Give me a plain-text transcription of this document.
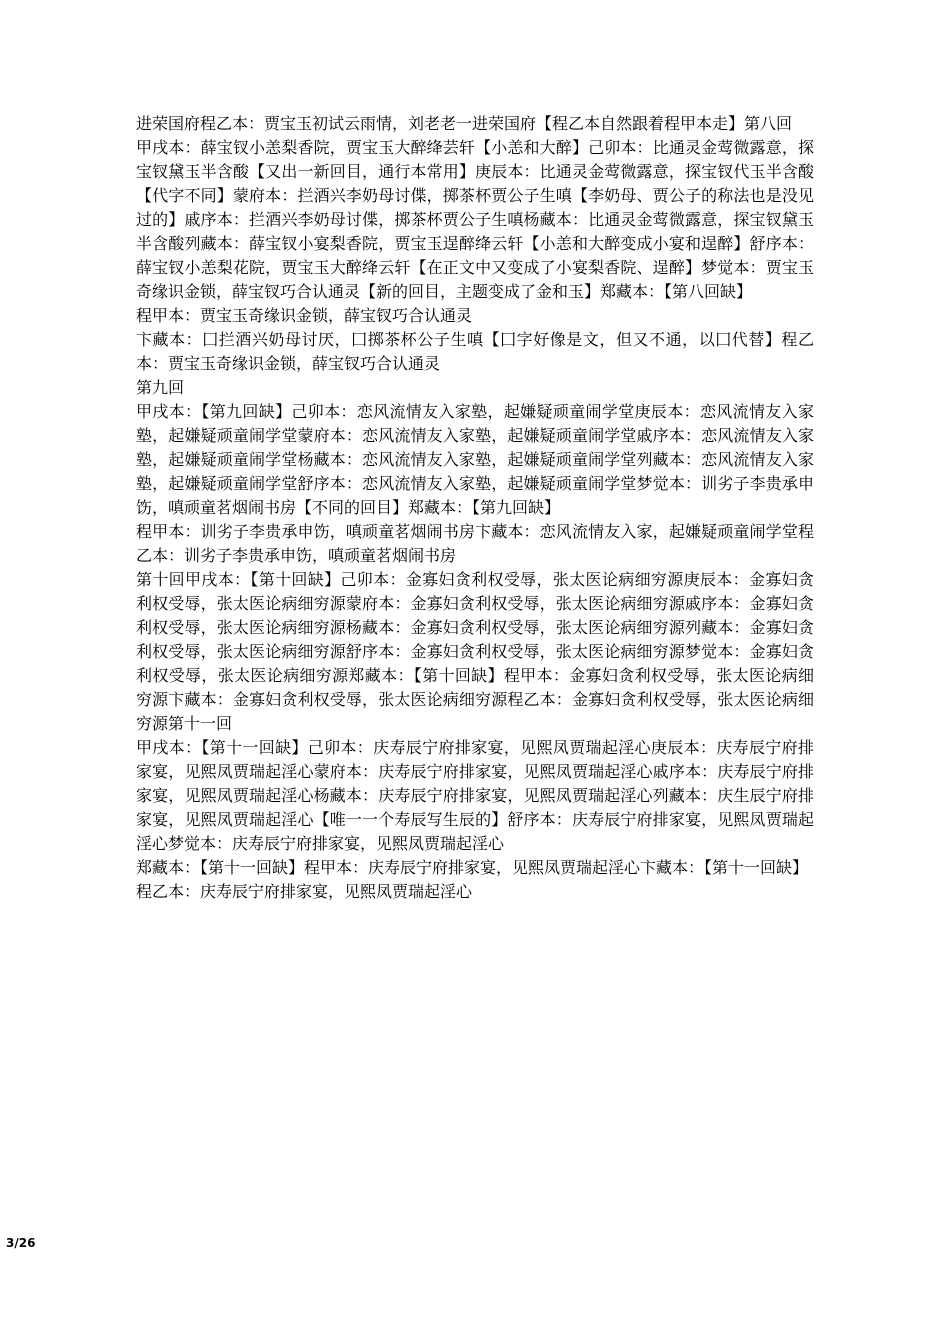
进荣国府程乙本：贾宝玉初试云雨情，刘老老一进荣国府【程乙本自然跟着程甲本走】第八回

甲戌本：薛宝钗小恙梨香院，贾宝玉大醉绛芸轩【小恙和大醉】己卯本：比通灵金莺微露意，探宝钗黛玉半含酸【又出一新回目，通行本常用】庚辰本：比通灵金莺微露意，探宝钗代玉半含酸【代字不同】蒙府本：拦酒兴李奶母讨偞，掷茶杯贾公子生嗔【李奶母、贾公子的称法也是没见过的】戚序本：拦酒兴李奶母讨偞，掷茶杯贾公子生嗔杨藏本：比通灵金莺微露意，探宝钗黛玉半含酸列藏本：薛宝钗小宴梨香院，贾宝玉逞醉绛云轩【小恙和大醉变成小宴和逞醉】舒序本：薛宝钗小恙梨花院，贾宝玉大醉绛云轩【在正文中又变成了小宴梨香院、逞醉】梦觉本：贾宝玉奇缘识金锁，薛宝钗巧合认通灵【新的回目，主题变成了金和玉】郑藏本：【第八回缺】

程甲本：贾宝玉奇缘识金锁，薛宝钗巧合认通灵

卞藏本：囗拦酒兴奶母讨厌，囗掷茶杯公子生嗔【囗字好像是文，但又不通，以囗代替】程乙本：贾宝玉奇缘识金锁，薛宝钗巧合认通灵

第九回

甲戌本：【第九回缺】己卯本：恋风流情友入家塾，起嫌疑顽童闹学堂庚辰本：恋风流情友入家塾，起嫌疑顽童闹学堂蒙府本：恋风流情友入家塾，起嫌疑顽童闹学堂戚序本：恋风流情友入家塾，起嫌疑顽童闹学堂杨藏本：恋风流情友入家塾，起嫌疑顽童闹学堂列藏本：恋风流情友入家塾，起嫌疑顽童闹学堂舒序本：恋风流情友入家塾，起嫌疑顽童闹学堂梦觉本：训劣子李贵承申饬，嗔顽童茗烟闹书房【不同的回目】郑藏本：【第九回缺】

程甲本：训劣子李贵承申饬，嗔顽童茗烟闹书房卞藏本：恋风流情友入家，起嫌疑顽童闹学堂程乙本：训劣子李贵承申饬，嗔顽童茗烟闹书房

第十回甲戌本：【第十回缺】己卯本：金寡妇贪利权受辱，张太医论病细穷源庚辰本：金寡妇贪利权受辱，张太医论病细穷源蒙府本：金寡妇贪利权受辱，张太医论病细穷源戚序本：金寡妇贪利权受辱，张太医论病细穷源杨藏本：金寡妇贪利权受辱，张太医论病细穷源列藏本：金寡妇贪利权受辱，张太医论病细穷源舒序本：金寡妇贪利权受辱，张太医论病细穷源梦觉本：金寡妇贪利权受辱，张太医论病细穷源郑藏本：【第十回缺】程甲本：金寡妇贪利权受辱，张太医论病细穷源卞藏本：金寡妇贪利权受辱，张太医论病细穷源程乙本：金寡妇贪利权受辱，张太医论病细穷源第十一回

甲戌本：【第十一回缺】己卯本：庆寿辰宁府排家宴，见熙凤贾瑞起淫心庚辰本：庆寿辰宁府排家宴，见熙凤贾瑞起淫心蒙府本：庆寿辰宁府排家宴，见熙凤贾瑞起淫心戚序本：庆寿辰宁府排家宴，见熙凤贾瑞起淫心杨藏本：庆寿辰宁府排家宴，见熙凤贾瑞起淫心列藏本：庆生辰宁府排家宴，见熙凤贾瑞起淫心【唯一一个寿辰写生辰的】舒序本：庆寿辰宁府排家宴，见熙凤贾瑞起淫心梦觉本：庆寿辰宁府排家宴，见熙凤贾瑞起淫心

郑藏本：【第十一回缺】程甲本：庆寿辰宁府排家宴，见熙凤贾瑞起淫心卞藏本：【第十一回缺】

程乙本：庆寿辰宁府排家宴，见熙凤贾瑞起淫心

3/26
